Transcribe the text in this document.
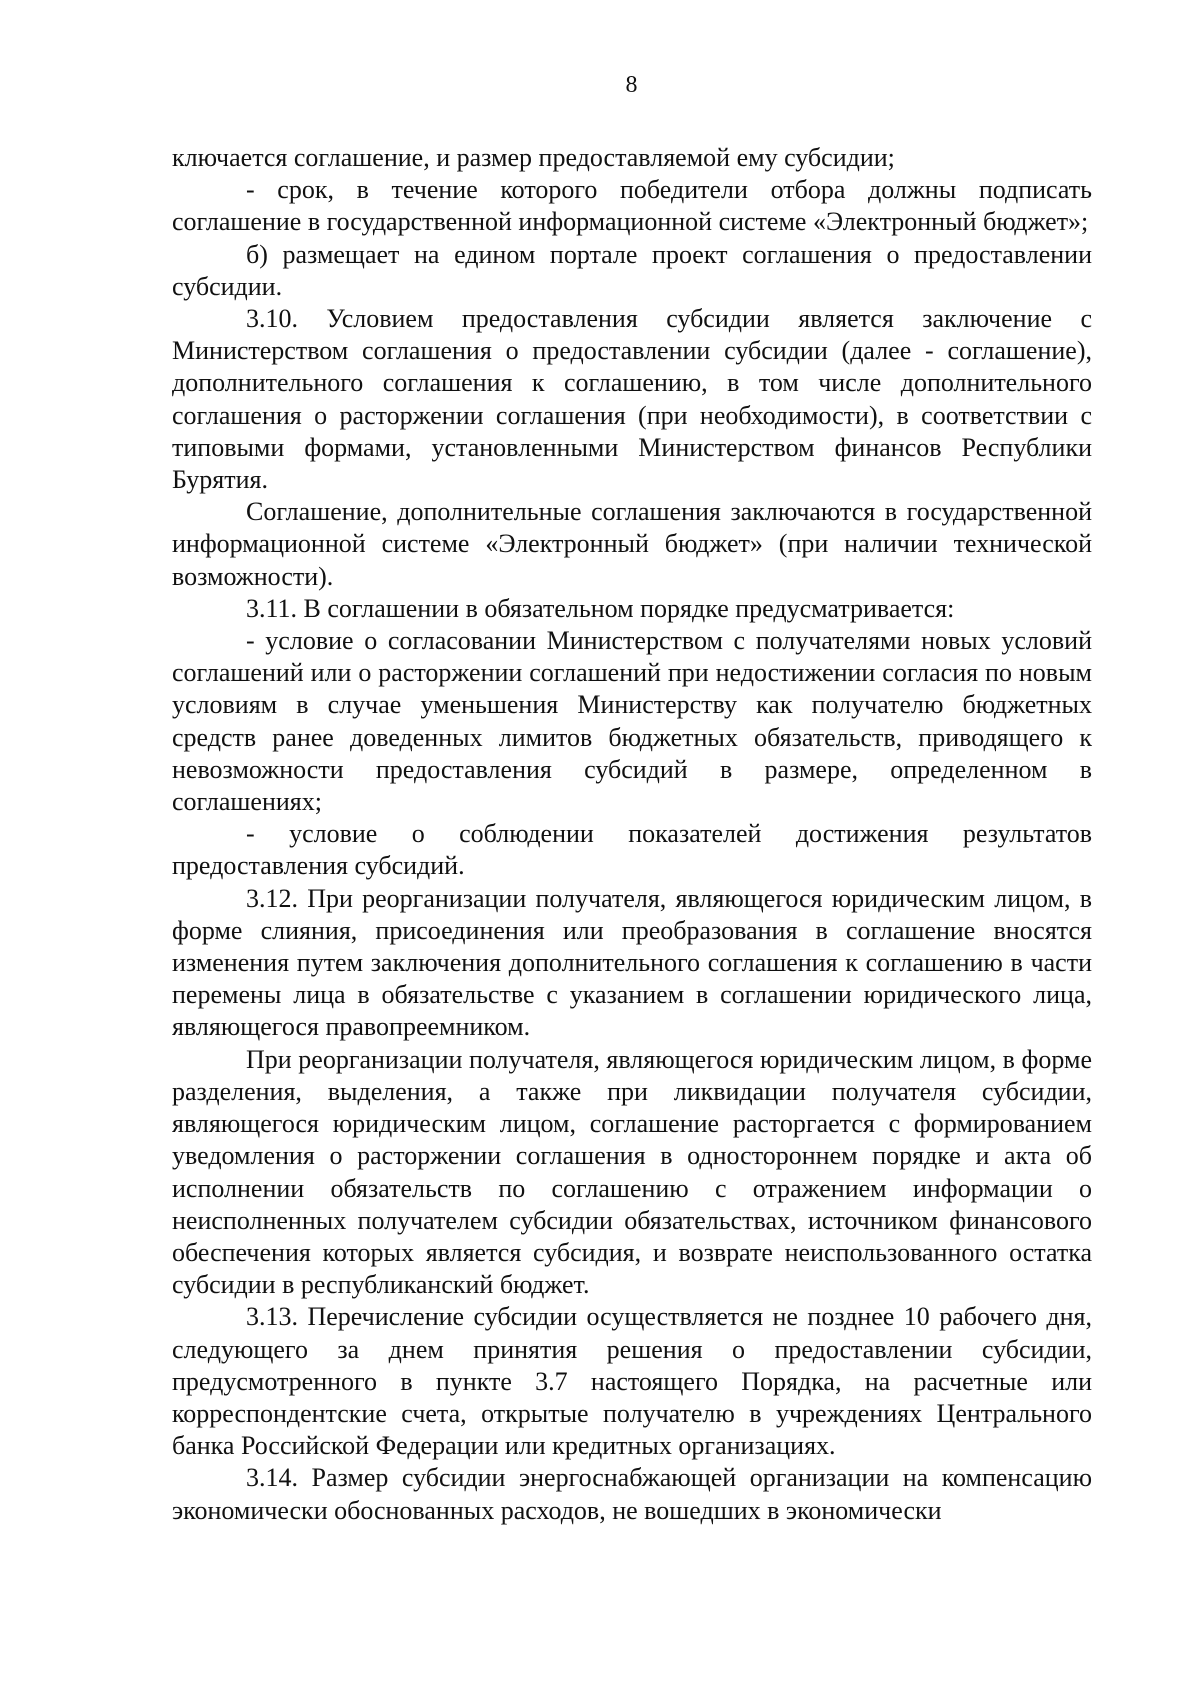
8

ключается соглашение, и размер предоставляемой ему субсидии;

- срок, в течение которого победители отбора должны подписать соглашение в государственной информационной системе «Электронный бюджет»;

б) размещает на едином портале проект соглашения о предоставлении субсидии.

3.10. Условием предоставления субсидии является заключение с Министерством соглашения о предоставлении субсидии (далее - соглашение), дополнительного соглашения к соглашению, в том числе дополнительного соглашения о расторжении соглашения (при необходимости), в соответствии с типовыми формами, установленными Министерством финансов Республики Бурятия.

Соглашение, дополнительные соглашения заключаются в государственной информационной системе «Электронный бюджет» (при наличии технической возможности).

3.11. В соглашении в обязательном порядке предусматривается:

- условие о согласовании Министерством с получателями новых условий соглашений или о расторжении соглашений при недостижении согласия по новым условиям в случае уменьшения Министерству как получателю бюджетных средств ранее доведенных лимитов бюджетных обязательств, приводящего к невозможности предоставления субсидий в размере, определенном в соглашениях;

- условие о соблюдении показателей достижения результатов предоставления субсидий.

3.12. При реорганизации получателя, являющегося юридическим лицом, в форме слияния, присоединения или преобразования в соглашение вносятся изменения путем заключения дополнительного соглашения к соглашению в части перемены лица в обязательстве с указанием в соглашении юридического лица, являющегося правопреемником.

При реорганизации получателя, являющегося юридическим лицом, в форме разделения, выделения, а также при ликвидации получателя субсидии, являющегося юридическим лицом, соглашение расторгается с формированием уведомления о расторжении соглашения в одностороннем порядке и акта об исполнении обязательств по соглашению с отражением информации о неисполненных получателем субсидии обязательствах, источником финансового обеспечения которых является субсидия, и возврате неиспользованного остатка субсидии в республиканский бюджет.

3.13. Перечисление субсидии осуществляется не позднее 10 рабочего дня, следующего за днем принятия решения о предоставлении субсидии, предусмотренного в пункте 3.7 настоящего Порядка, на расчетные или корреспондентские счета, открытые получателю в учреждениях Центрального банка Российской Федерации или кредитных организациях.

3.14. Размер субсидии энергоснабжающей организации на компенсацию экономически обоснованных расходов, не вошедших в экономически
